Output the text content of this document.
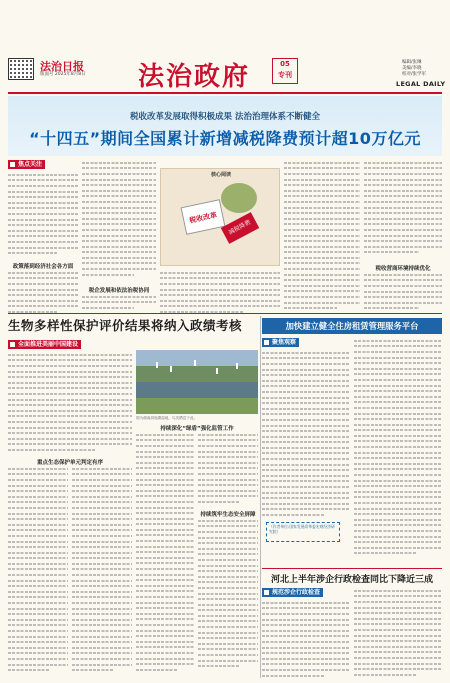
法治日报
版面号 2025年8月8日 法治政府	05
专刊
编辑/张琳
美编/李晓
校对/张学军
LEGAL DAILY
税收改革发展取得积极成果 法治治理体系不断健全
“十四五”期间全国累计新增减税降费预计超10万亿元
焦点关注
政策落到经济社会各方面
税企发展和依法治税协同
核心阅读
税收改革
减税降费
税收营商环境持续优化
生物多样性保护评价结果将纳入政绩考核
全面推进美丽中国建设
重点生态保护单元判定有序
图为湖南洞庭湖湿地，鸟类栖息于此。
持续深化“绿盾”强化监管工作
持续筑牢生态安全屏障
加快建立健全住房租赁管理服务平台
聚焦观察
（作者单位:国家发展改革委宏观经济研究院）
河北上半年涉企行政检查同比下降近三成
规范涉企行政检查
